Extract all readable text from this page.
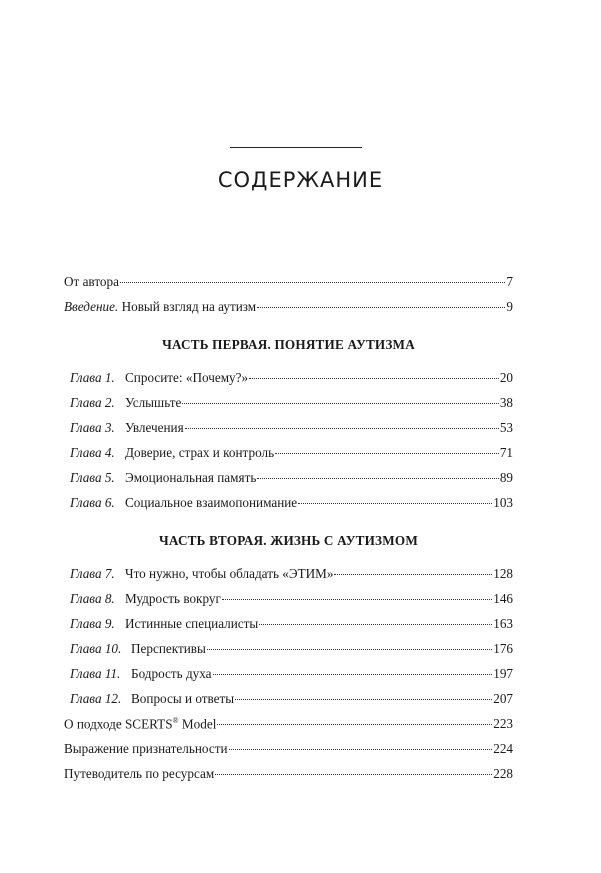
СОДЕРЖАНИЕ
От автора	7
Введение. Новый взгляд на аутизм	9
ЧАСТЬ ПЕРВАЯ. ПОНЯТИЕ АУТИЗМА
Глава 1. Спросите: «Почему?»	20
Глава 2. Услышьте	38
Глава 3. Увлечения	53
Глава 4. Доверие, страх и контроль	71
Глава 5. Эмоциональная память	89
Глава 6. Социальное взаимопонимание	103
ЧАСТЬ ВТОРАЯ. ЖИЗНЬ С АУТИЗМОМ
Глава 7. Что нужно, чтобы обладать «ЭТИМ»	128
Глава 8. Мудрость вокруг	146
Глава 9. Истинные специалисты	163
Глава 10. Перспективы	176
Глава 11. Бодрость духа	197
Глава 12. Вопросы и ответы	207
О подходе SCERTS® Model	223
Выражение признательности	224
Путеводитель по ресурсам	228
